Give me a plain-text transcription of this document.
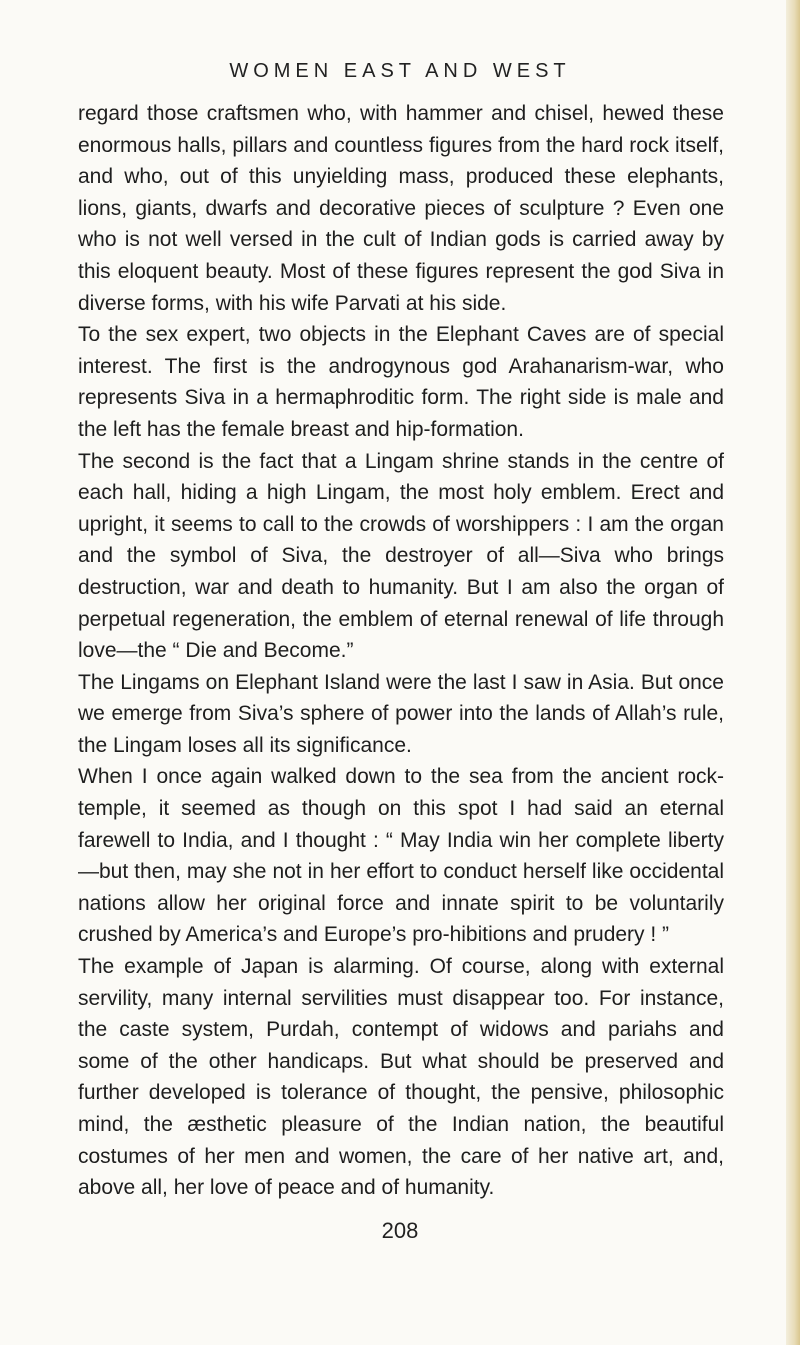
WOMEN EAST AND WEST

regard those craftsmen who, with hammer and chisel, hewed these enormous halls, pillars and countless figures from the hard rock itself, and who, out of this unyielding mass, produced these elephants, lions, giants, dwarfs and decorative pieces of sculpture ? Even one who is not well versed in the cult of Indian gods is carried away by this eloquent beauty. Most of these figures represent the god Siva in diverse forms, with his wife Parvati at his side.

To the sex expert, two objects in the Elephant Caves are of special interest. The first is the androgynous god Arahanarism-war, who represents Siva in a hermaphroditic form. The right side is male and the left has the female breast and hip-formation.

The second is the fact that a Lingam shrine stands in the centre of each hall, hiding a high Lingam, the most holy emblem. Erect and upright, it seems to call to the crowds of worshippers : I am the organ and the symbol of Siva, the destroyer of all—Siva who brings destruction, war and death to humanity. But I am also the organ of perpetual regeneration, the emblem of eternal renewal of life through love—the “ Die and Become.”

The Lingams on Elephant Island were the last I saw in Asia. But once we emerge from Siva’s sphere of power into the lands of Allah’s rule, the Lingam loses all its significance.

When I once again walked down to the sea from the ancient rock-temple, it seemed as though on this spot I had said an eternal farewell to India, and I thought : “ May India win her complete liberty—but then, may she not in her effort to conduct herself like occidental nations allow her original force and innate spirit to be voluntarily crushed by America’s and Europe’s pro-hibitions and prudery ! ”

The example of Japan is alarming. Of course, along with external servility, many internal servilities must disappear too. For instance, the caste system, Purdah, contempt of widows and pariahs and some of the other handicaps. But what should be preserved and further developed is tolerance of thought, the pensive, philosophic mind, the æsthetic pleasure of the Indian nation, the beautiful costumes of her men and women, the care of her native art, and, above all, her love of peace and of humanity.

208
